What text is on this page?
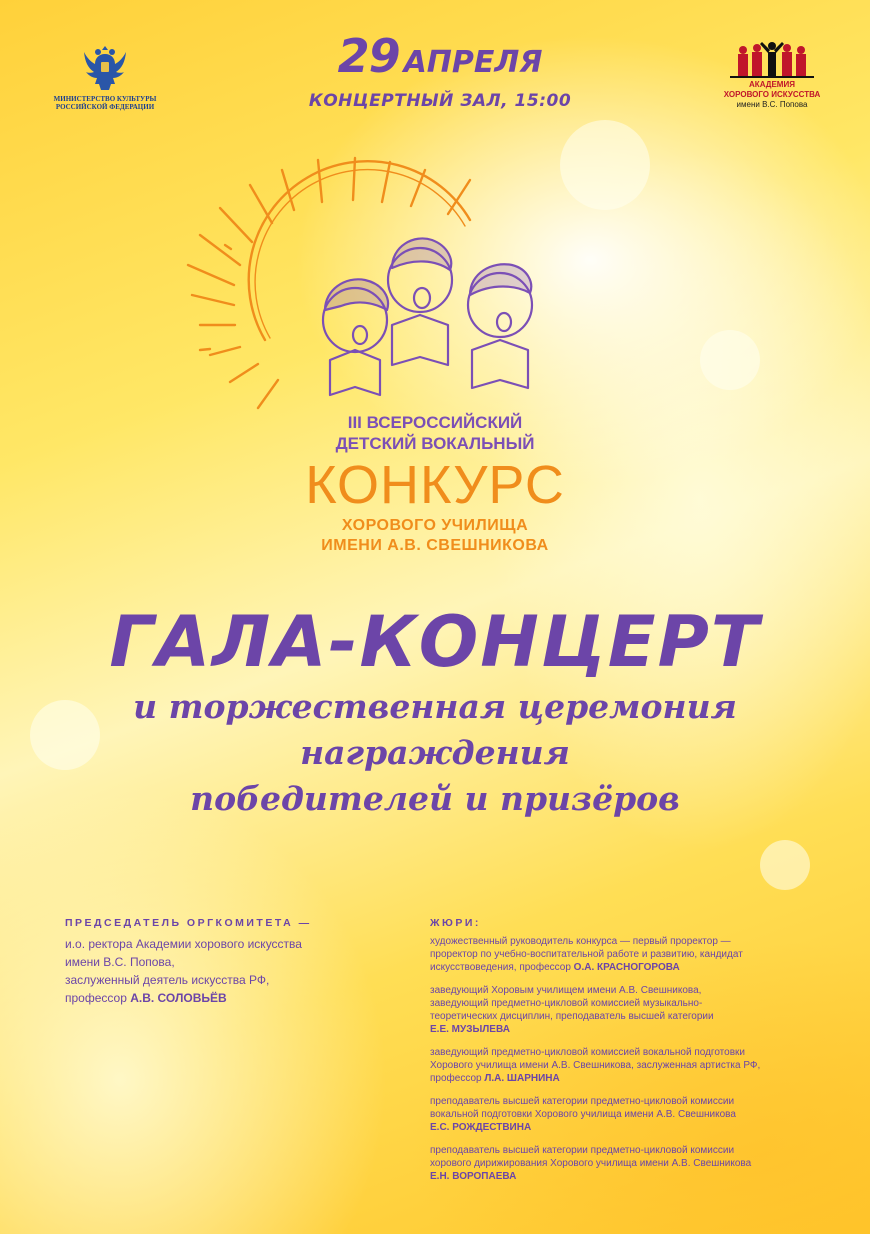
МИНИСТЕРСТВО КУЛЬТУРЫ
РОССИЙСКОЙ ФЕДЕРАЦИИ
29 АПРЕЛЯ
КОНЦЕРТНЫЙ ЗАЛ, 15:00
АКАДЕМИЯ
ХОРОВОГО ИСКУССТВА
имени В.С. Попова
III ВСЕРОССИЙСКИЙ
ДЕТСКИЙ ВОКАЛЬНЫЙ
КОНКУРС
ХОРОВОГО УЧИЛИЩА
ИМЕНИ А.В. СВЕШНИКОВА
ГАЛА-КОНЦЕРТ
и торжественная церемония
награждения
победителей и призёров
ПРЕДСЕДАТЕЛЬ ОРГКОМИТЕТА —
и.о. ректора Академии хорового искусства
имени В.С. Попова,
заслуженный деятель искусства РФ,
профессор А.В. СОЛОВЬЁВ
ЖЮРИ:
художественный руководитель конкурса — первый проректор —
проректор по учебно-воспитательной работе и развитию, кандидат
искусствоведения, профессор О.А. КРАСНОГОРОВА
заведующий Хоровым училищем имени А.В. Свешникова,
заведующий предметно-цикловой комиссией музыкально-
теоретических дисциплин, преподаватель высшей категории
Е.Е. МУЗЫЛЕВА
заведующий предметно-цикловой комиссией вокальной подготовки
Хорового училища имени А.В. Свешникова, заслуженная артистка РФ,
профессор Л.А. ШАРНИНА
преподаватель высшей категории предметно-цикловой комиссии
вокальной подготовки Хорового училища имени А.В. Свешникова
Е.С. РОЖДЕСТВИНА
преподаватель высшей категории предметно-цикловой комиссии
хорового дирижирования Хорового училища имени А.В. Свешникова
Е.Н. ВОРОПАЕВА
